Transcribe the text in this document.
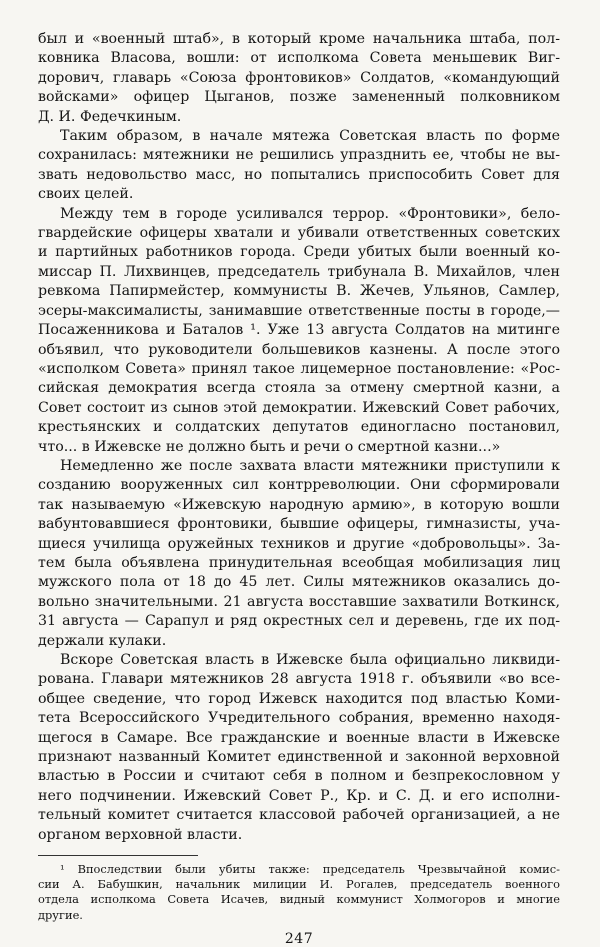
был и «военный штаб», в который кроме начальника штаба, пол-
ковника Власова, вошли: от исполкома Совета меньшевик Виг-
дорович, главарь «Союза фронтовиков» Солдатов, «командующий
войсками» офицер Цыганов, позже замененный полковником
Д. И. Федечкиным.

Таким образом, в начале мятежа Советская власть по форме
сохранилась: мятежники не решились упразднить ее, чтобы не вы-
звать недовольство масс, но попытались приспособить Совет для
своих целей.

Между тем в городе усиливался террор. «Фронтовики», бело-
гвардейские офицеры хватали и убивали ответственных советских
и партийных работников города. Среди убитых были военный ко-
миссар П. Лихвинцев, председатель трибунала В. Михайлов, член
ревкома Папирмейстер, коммунисты В. Жечев, Ульянов, Самлер,
эсеры-максималисты, занимавшие ответственные посты в городе,—
Посаженникова и Баталов ¹. Уже 13 августа Солдатов на митинге
объявил, что руководители большевиков казнены. А после этого
«исполком Совета» принял такое лицемерное постановление: «Рос-
сийская демократия всегда стояла за отмену смертной казни, а
Совет состоит из сынов этой демократии. Ижевский Совет рабочих,
крестьянских и солдатских депутатов единогласно постановил,
что... в Ижевске не должно быть и речи о смертной казни...»

Немедленно же после захвата власти мятежники приступили к
созданию вооруженных сил контрреволюции. Они сформировали
так называемую «Ижевскую народную армию», в которую вошли
вабунтовавшиеся фронтовики, бывшие офицеры, гимназисты, уча-
щиеся училища оружейных техников и другие «добровольцы». За-
тем была объявлена принудительная всеобщая мобилизация лиц
мужского пола от 18 до 45 лет. Силы мятежников оказались до-
вольно значительными. 21 августа восставшие захватили Воткинск,
31 августа — Сарапул и ряд окрестных сел и деревень, где их под-
держали кулаки.

Вскоре Советская власть в Ижевске была официально ликвиди-
рована. Главари мятежников 28 августа 1918 г. объявили «во все-
общее сведение, что город Ижевск находится под властью Коми-
тета Всероссийского Учредительного собрания, временно находя-
щегося в Самаре. Все гражданские и военные власти в Ижевске
признают названный Комитет единственной и законной верховной
властью в России и считают себя в полном и безпрекословном у
него подчинении. Ижевский Совет Р., Кр. и С. Д. и его исполни-
тельный комитет считается классовой рабочей организацией, а не
органом верховной власти.

¹ Впоследствии были убиты также: председатель Чрезвычайной комис-
сии А. Бабушкин, начальник милиции И. Рогалев, председатель военного
отдела исполкома Совета Исачев, видный коммунист Холмогоров и многие
другие.
247
